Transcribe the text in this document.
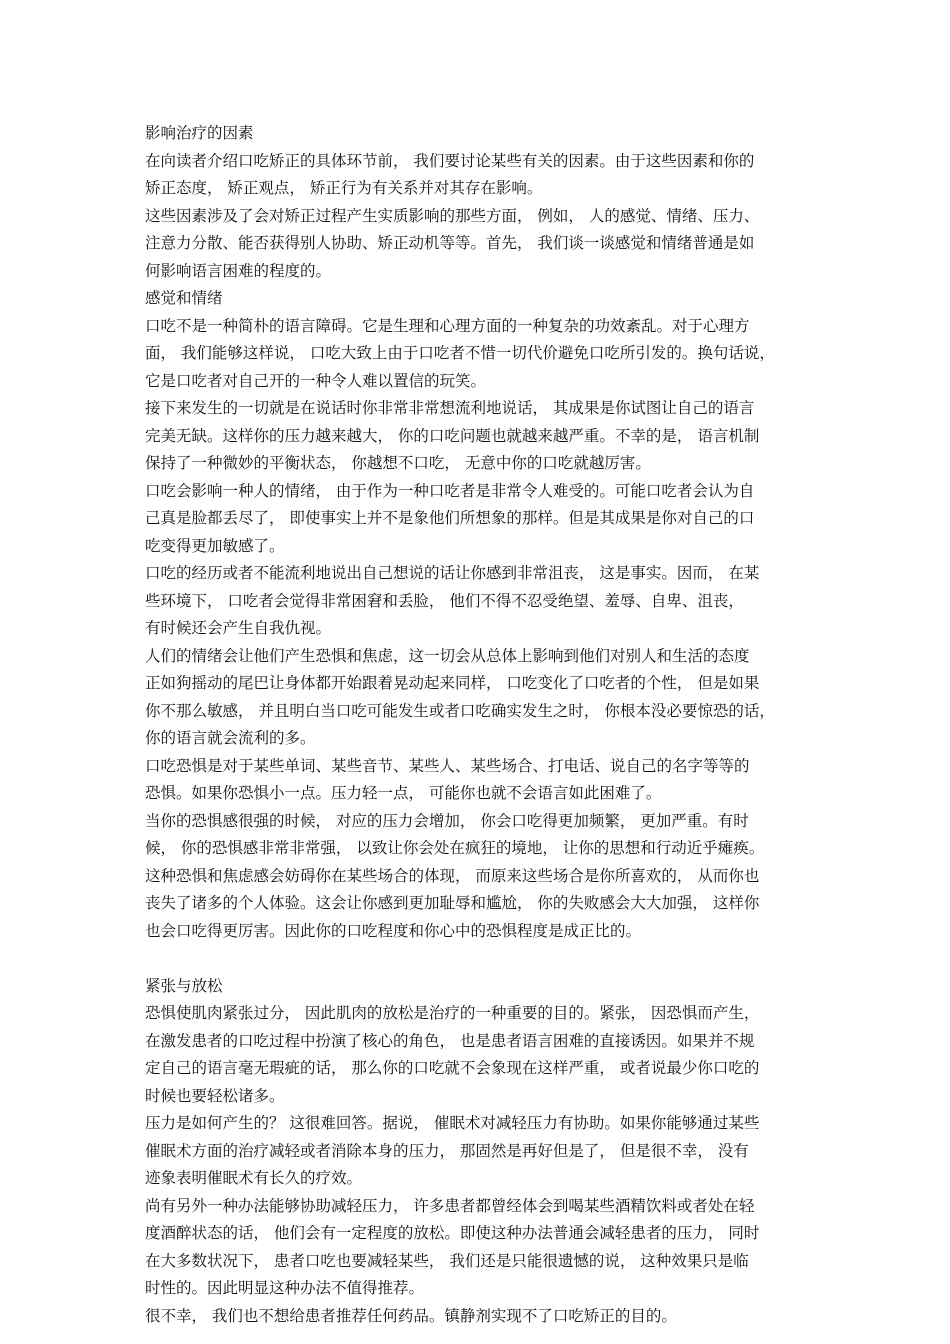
影响治疗的因素
在向读者介绍口吃矫正的具体环节前， 我们要讨论某些有关的因素。由于这些因素和你的
矫正态度， 矫正观点， 矫正行为有关系并对其存在影响。
这些因素涉及了会对矫正过程产生实质影响的那些方面， 例如， 人的感觉、情绪、压力、
注意力分散、能否获得别人协助、矫正动机等等。首先， 我们谈一谈感觉和情绪普通是如
何影响语言困难的程度的。
感觉和情绪
口吃不是一种简朴的语言障碍。它是生理和心理方面的一种复杂的功效紊乱。对于心理方
面， 我们能够这样说， 口吃大致上由于口吃者不惜一切代价避免口吃所引发的。换句话说，
它是口吃者对自己开的一种令人难以置信的玩笑。
接下来发生的一切就是在说话时你非常非常想流利地说话， 其成果是你试图让自己的语言
完美无缺。这样你的压力越来越大， 你的口吃问题也就越来越严重。不幸的是， 语言机制
保持了一种微妙的平衡状态， 你越想不口吃， 无意中你的口吃就越厉害。
口吃会影响一种人的情绪， 由于作为一种口吃者是非常令人难受的。可能口吃者会认为自
己真是脸都丢尽了， 即使事实上并不是象他们所想象的那样。但是其成果是你对自己的口
吃变得更加敏感了。
口吃的经历或者不能流利地说出自己想说的话让你感到非常沮丧， 这是事实。因而， 在某
些环境下， 口吃者会觉得非常困窘和丢脸， 他们不得不忍受绝望、羞辱、自卑、沮丧，
有时候还会产生自我仇视。
人们的情绪会让他们产生恐惧和焦虑，这一切会从总体上影响到他们对别人和生活的态度
正如狗摇动的尾巴让身体都开始跟着晃动起来同样， 口吃变化了口吃者的个性， 但是如果
你不那么敏感， 并且明白当口吃可能发生或者口吃确实发生之时， 你根本没必要惊恐的话，
你的语言就会流利的多。
口吃恐惧是对于某些单词、某些音节、某些人、某些场合、打电话、说自己的名字等等的
恐惧。如果你恐惧小一点。压力轻一点， 可能你也就不会语言如此困难了。
当你的恐惧感很强的时候， 对应的压力会增加， 你会口吃得更加频繁， 更加严重。有时
候， 你的恐惧感非常非常强， 以致让你会处在疯狂的境地， 让你的思想和行动近乎瘫痪。
这种恐惧和焦虑感会妨碍你在某些场合的体现， 而原来这些场合是你所喜欢的， 从而你也
丧失了诸多的个人体验。这会让你感到更加耻辱和尴尬， 你的失败感会大大加强， 这样你
也会口吃得更厉害。因此你的口吃程度和你心中的恐惧程度是成正比的。
紧张与放松
恐惧使肌肉紧张过分， 因此肌肉的放松是治疗的一种重要的目的。紧张， 因恐惧而产生，
在激发患者的口吃过程中扮演了核心的角色， 也是患者语言困难的直接诱因。如果并不规
定自己的语言毫无瑕疵的话， 那么你的口吃就不会象现在这样严重， 或者说最少你口吃的
时候也要轻松诸多。
压力是如何产生的？ 这很难回答。据说， 催眠术对减轻压力有协助。如果你能够通过某些
催眠术方面的治疗减轻或者消除本身的压力， 那固然是再好但是了， 但是很不幸， 没有
迹象表明催眠术有长久的疗效。
尚有另外一种办法能够协助减轻压力， 许多患者都曾经体会到喝某些酒精饮料或者处在轻
度酒醉状态的话， 他们会有一定程度的放松。即使这种办法普通会减轻患者的压力， 同时
在大多数状况下， 患者口吃也要减轻某些， 我们还是只能很遗憾的说， 这种效果只是临
时性的。因此明显这种办法不值得推荐。
很不幸， 我们也不想给患者推荐任何药品。镇静剂实现不了口吃矫正的目的。
